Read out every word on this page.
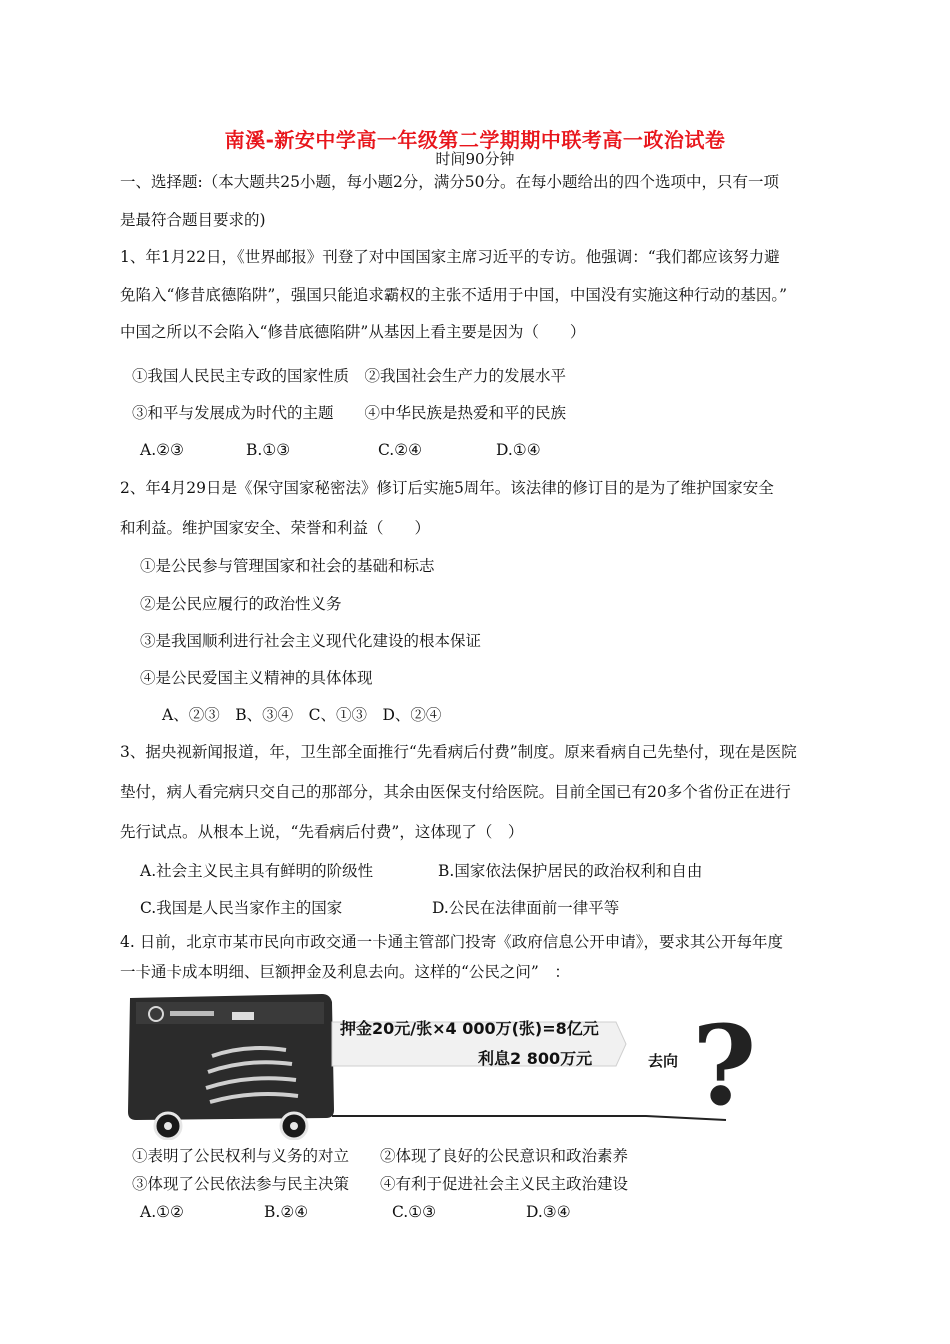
南溪-新安中学高一年级第二学期期中联考高一政治试卷
时间90分钟
一、选择题:（本大题共25小题，每小题2分，满分50分。在每小题给出的四个选项中，只有一项
是最符合题目要求的)
1、年1月22日，《世界邮报》刊登了对中国国家主席习近平的专访。他强调：“我们都应该努力避
免陷入“修昔底德陷阱”，强国只能追求霸权的主张不适用于中国，中国没有实施这种行动的基因。”
中国之所以不会陷入“修昔底德陷阱”从基因上看主要是因为（　　）
①我国人民民主专政的国家性质　②我国社会生产力的发展水平
③和平与发展成为时代的主题　　④中华民族是热爱和平的民族
A.②③	B.①③	C.②④	D.①④
2、年4月29日是《保守国家秘密法》修订后实施5周年。该法律的修订目的是为了维护国家安全
和利益。维护国家安全、荣誉和利益（　　）
①是公民参与管理国家和社会的基础和标志
②是公民应履行的政治性义务
③是我国顺利进行社会主义现代化建设的根本保证
④是公民爱国主义精神的具体体现
A、②③　B、③④　C、①③　D、②④
3、据央视新闻报道，年，卫生部全面推行“先看病后付费”制度。原来看病自己先垫付，现在是医院
垫付，病人看完病只交自己的那部分，其余由医保支付给医院。目前全国已有20多个省份正在进行
先行试点。从根本上说，“先看病后付费”，这体现了（　）
A.社会主义民主具有鲜明的阶级性	B.国家依法保护居民的政治权利和自由
C.我国是人民当家作主的国家	D.公民在法律面前一律平等
4. 日前，北京市某市民向市政交通一卡通主管部门投寄《政府信息公开申请》，要求其公开每年度
一卡通卡成本明细、巨额押金及利息去向。这样的“公民之问”　：
押金20元/张×4 000万(张)=8亿元
利息2 800万元	去向 ?
①表明了公民权利与义务的对立　　②体现了良好的公民意识和政治素养
③体现了公民依法参与民主决策　　④有利于促进社会主义民主政治建设
A.①②	B.②④	C.①③	D.③④
